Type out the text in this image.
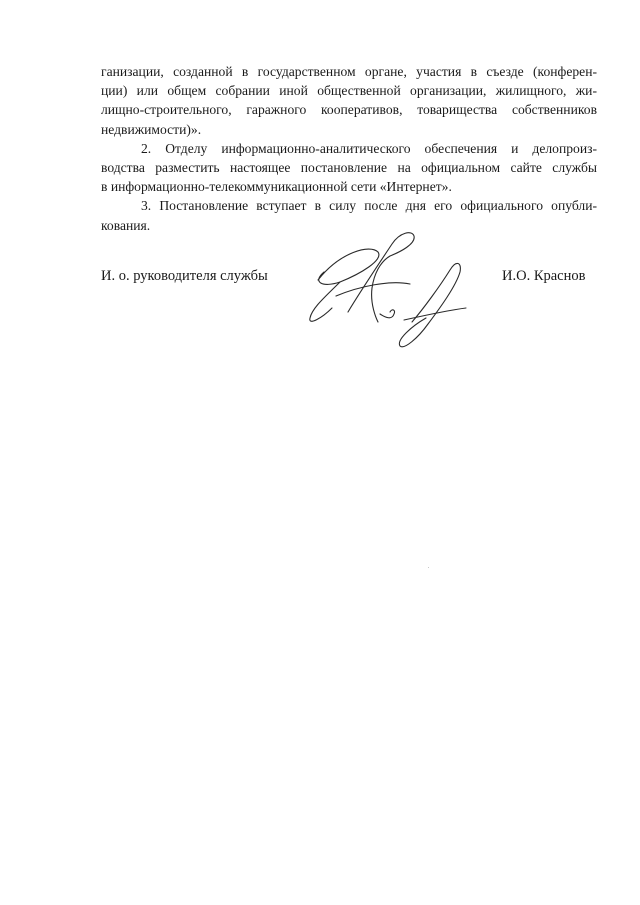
ганизации, созданной в государственном органе, участия в съезде (конферен-
ции) или общем собрании иной общественной организации, жилищного, жи-
лищно-строительного, гаражного кооперативов, товарищества собственников
недвижимости)».
2. Отделу информационно-аналитического обеспечения и делопроиз-
водства разместить настоящее постановление на официальном сайте службы
в информационно-телекоммуникационной сети «Интернет».
3. Постановление вступает в силу после дня его официального опубли-
кования.
И. о. руководителя службы	И.О. Краснов
